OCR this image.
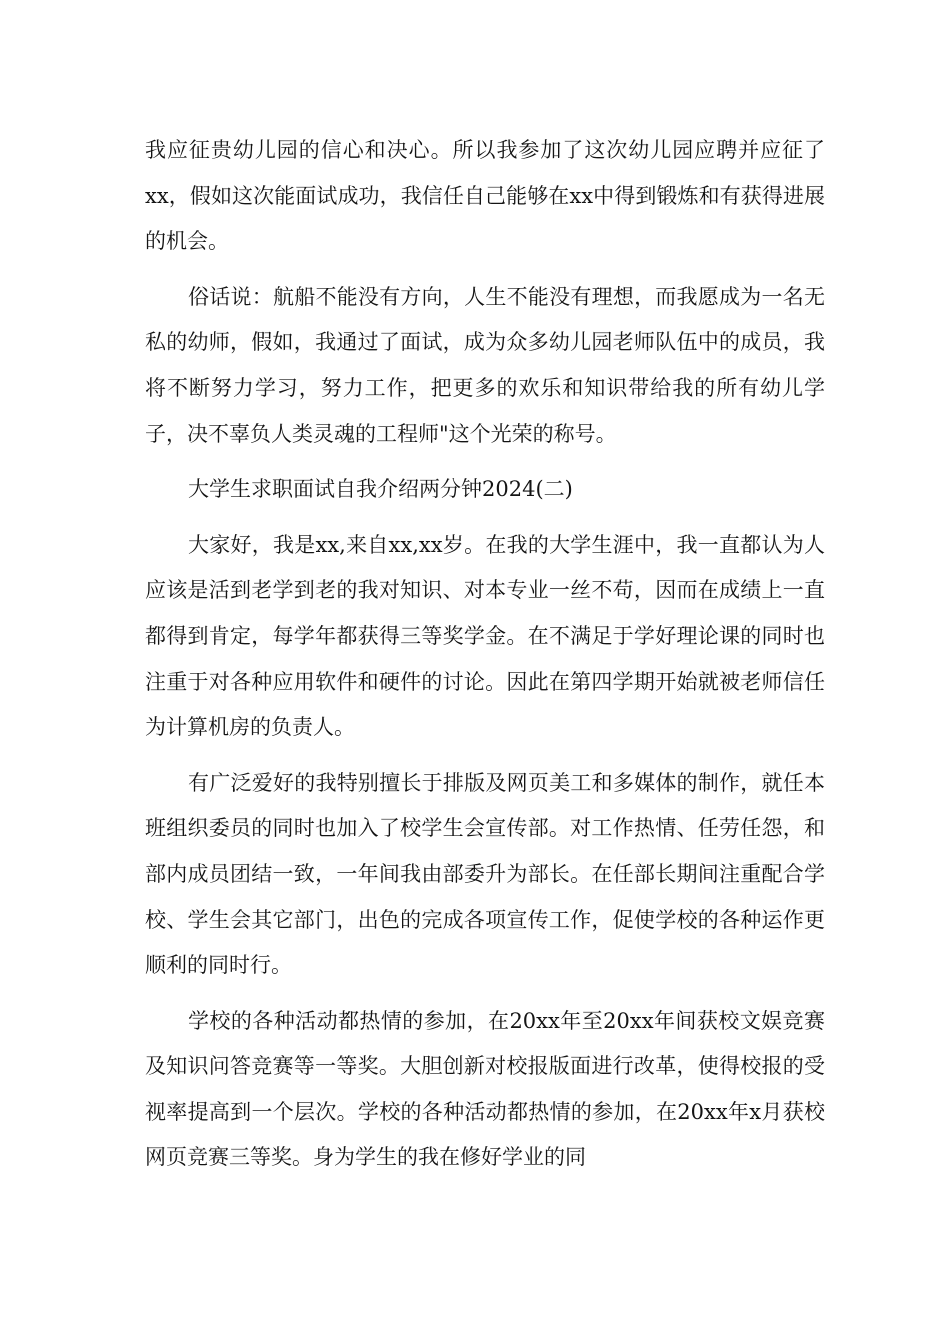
我应征贵幼儿园的信心和决心。所以我参加了这次幼儿园应聘并应征了xx，假如这次能面试成功，我信任自己能够在xx中得到锻炼和有获得进展的机会。

俗话说：航船不能没有方向，人生不能没有理想，而我愿成为一名无私的幼师，假如，我通过了面试，成为众多幼儿园老师队伍中的成员，我将不断努力学习，努力工作，把更多的欢乐和知识带给我的所有幼儿学子，决不辜负人类灵魂的工程师"这个光荣的称号。

大学生求职面试自我介绍两分钟2024(二)

大家好，我是xx,来自xx,xx岁。在我的大学生涯中，我一直都认为人应该是活到老学到老的我对知识、对本专业一丝不苟，因而在成绩上一直都得到肯定，每学年都获得三等奖学金。在不满足于学好理论课的同时也注重于对各种应用软件和硬件的讨论。因此在第四学期开始就被老师信任为计算机房的负责人。

有广泛爱好的我特别擅长于排版及网页美工和多媒体的制作，就任本班组织委员的同时也加入了校学生会宣传部。对工作热情、任劳任怨，和部内成员团结一致，一年间我由部委升为部长。在任部长期间注重配合学校、学生会其它部门，出色的完成各项宣传工作，促使学校的各种运作更顺利的同时行。

学校的各种活动都热情的参加，在20xx年至20xx年间获校文娱竞赛及知识问答竞赛等一等奖。大胆创新对校报版面进行改革，使得校报的受视率提高到一个层次。学校的各种活动都热情的参加，在20xx年x月获校网页竞赛三等奖。身为学生的我在修好学业的同
